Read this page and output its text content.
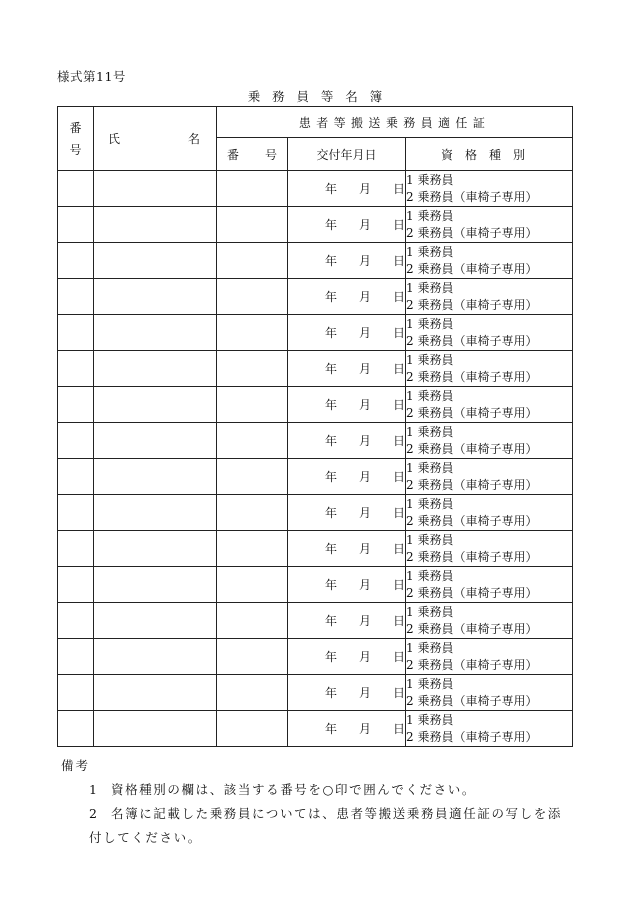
様式第11号
乗務員等名簿
番
号	氏 名	患者等搬送乗務員適任証		

		番 号	交付年月日	資格種別
			年 月 日	1 乗務員
2 乗務員（車椅子専用）

			年 月 日	1 乗務員
2 乗務員（車椅子専用）

			年 月 日	1 乗務員
2 乗務員（車椅子専用）

			年 月 日	1 乗務員
2 乗務員（車椅子専用）

			年 月 日	1 乗務員
2 乗務員（車椅子専用）

			年 月 日	1 乗務員
2 乗務員（車椅子専用）

			年 月 日	1 乗務員
2 乗務員（車椅子専用）

			年 月 日	1 乗務員
2 乗務員（車椅子専用）

			年 月 日	1 乗務員
2 乗務員（車椅子専用）

			年 月 日	1 乗務員
2 乗務員（車椅子専用）

			年 月 日	1 乗務員
2 乗務員（車椅子専用）

			年 月 日	1 乗務員
2 乗務員（車椅子専用）

			年 月 日	1 乗務員
2 乗務員（車椅子専用）

			年 月 日	1 乗務員
2 乗務員（車椅子専用）

			年 月 日	1 乗務員
2 乗務員（車椅子専用）

			年 月 日	1 乗務員
2 乗務員（車椅子専用）
備考
1	資格種別の欄は、該当する番号を○印で囲んでください。
2	名簿に記載した乗務員については、患者等搬送乗務員適任証の写しを添
付してください。
